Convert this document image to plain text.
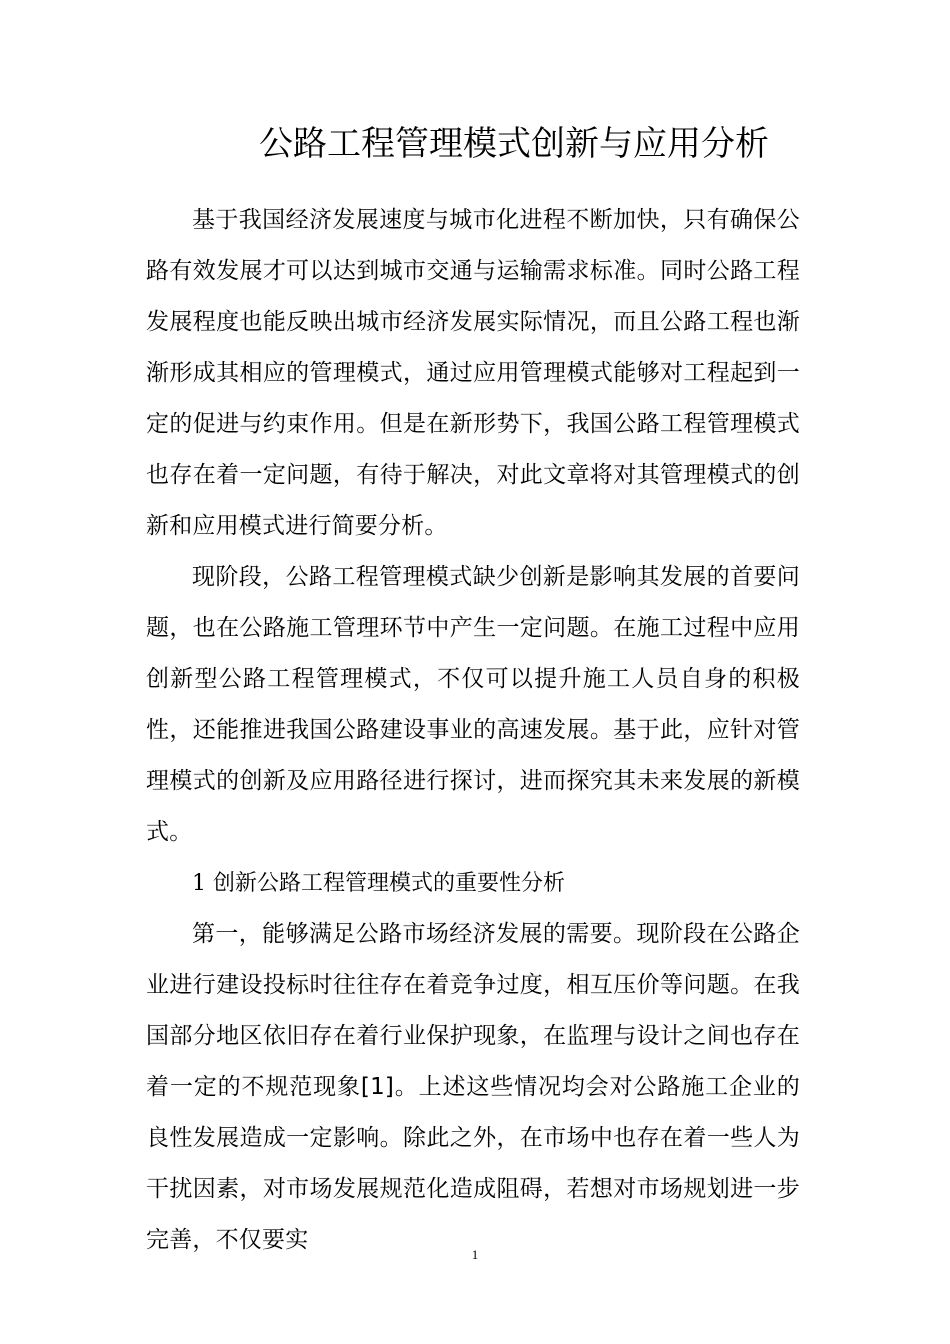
公路工程管理模式创新与应用分析

基于我国经济发展速度与城市化进程不断加快，只有确保公路有效发展才可以达到城市交通与运输需求标准。同时公路工程发展程度也能反映出城市经济发展实际情况，而且公路工程也渐渐形成其相应的管理模式，通过应用管理模式能够对工程起到一定的促进与约束作用。但是在新形势下，我国公路工程管理模式也存在着一定问题，有待于解决，对此文章将对其管理模式的创新和应用模式进行简要分析。

现阶段，公路工程管理模式缺少创新是影响其发展的首要问题，也在公路施工管理环节中产生一定问题。在施工过程中应用创新型公路工程管理模式，不仅可以提升施工人员自身的积极性，还能推进我国公路建设事业的高速发展。基于此，应针对管理模式的创新及应用路径进行探讨，进而探究其未来发展的新模式。

1 创新公路工程管理模式的重要性分析

第一，能够满足公路市场经济发展的需要。现阶段在公路企业进行建设投标时往往存在着竞争过度，相互压价等问题。在我国部分地区依旧存在着行业保护现象，在监理与设计之间也存在着一定的不规范现象[1]。上述这些情况均会对公路施工企业的良性发展造成一定影响。除此之外，在市场中也存在着一些人为干扰因素，对市场发展规范化造成阻碍，若想对市场规划进一步完善，不仅要实

1
